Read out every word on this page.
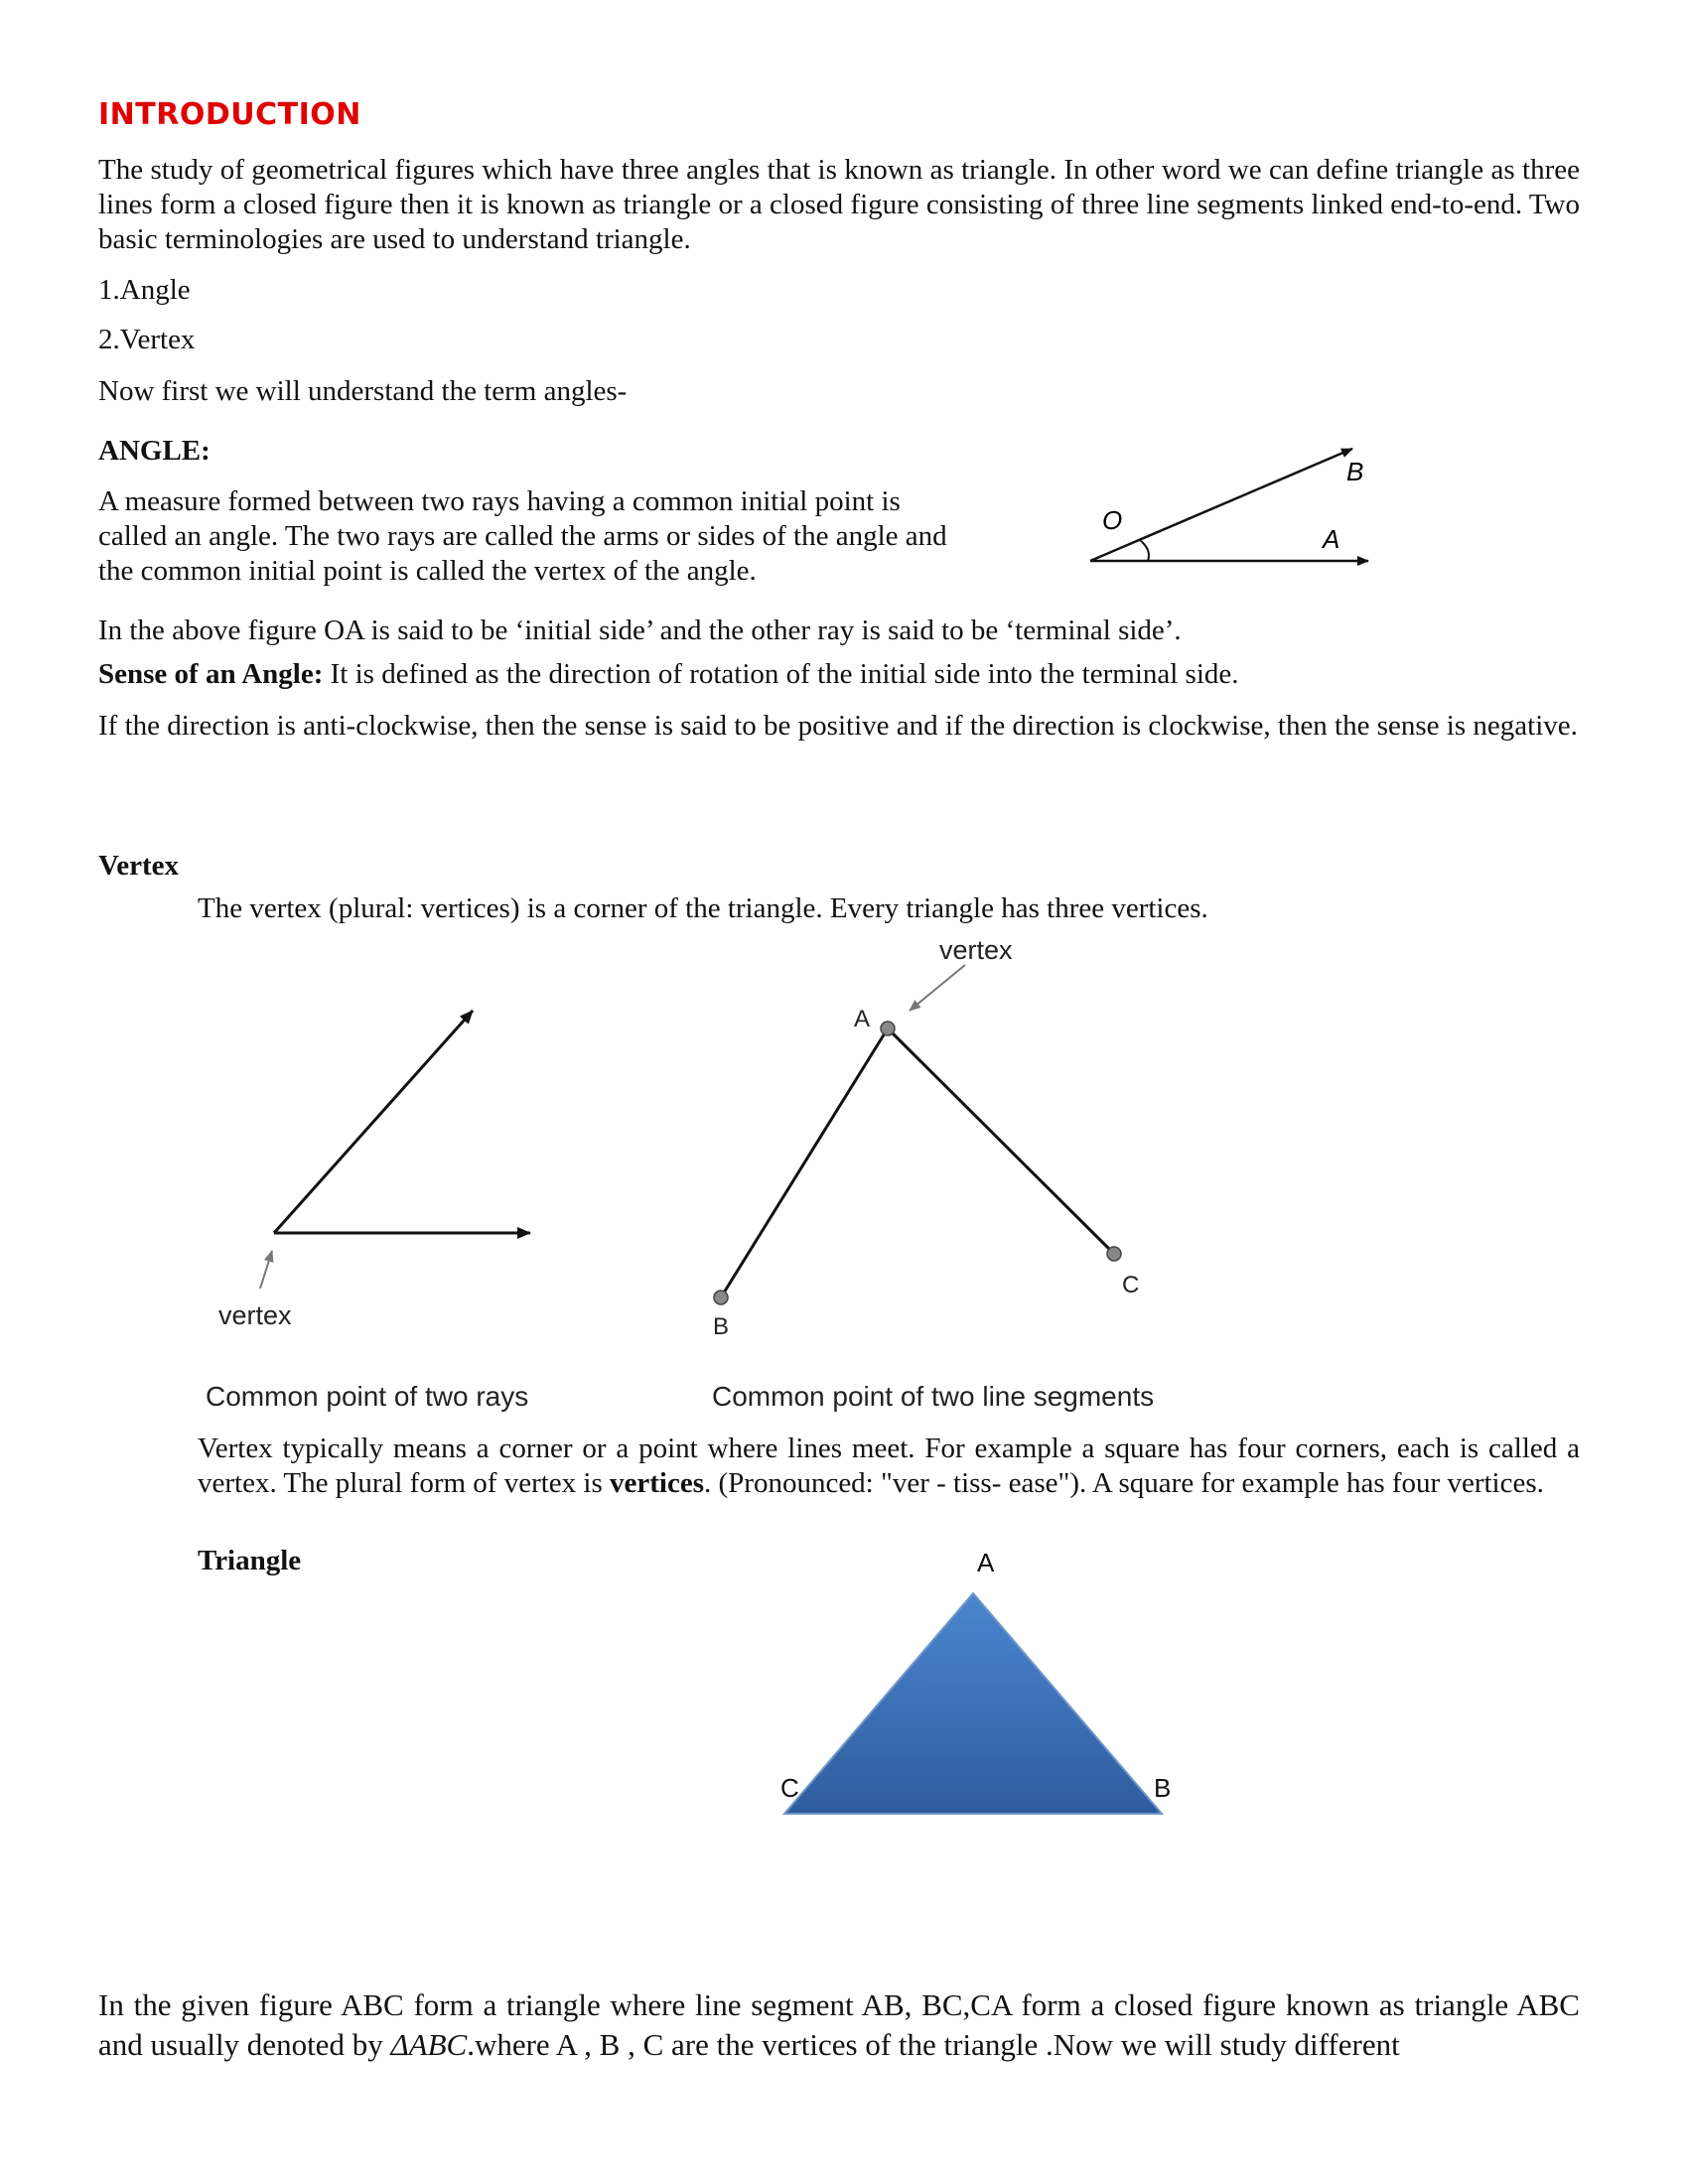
INTRODUCTION
The study of geometrical figures which have three angles that is known as triangle. In other word we can define triangle as three lines form a closed figure then it is known as triangle or a closed figure consisting of three line segments linked end-to-end. Two basic terminologies are used to understand triangle.
1.Angle
2.Vertex
Now first we will understand the term angles-
ANGLE:
A measure formed between two rays having a common initial point is called an angle. The two rays are called the arms or sides of the angle and the common initial point is called the vertex of the angle.
O
A
B
In the above figure OA is said to be ‘initial side’ and the other ray is said to be ‘terminal side’.
Sense of an Angle: It is defined as the direction of rotation of the initial side into the terminal side.
If the direction is anti-clockwise, then the sense is said to be positive and if the direction is clockwise, then the sense is negative.
Vertex
The vertex (plural: vertices) is a corner of the triangle. Every triangle has three vertices.
vertex
Common point of two rays
vertex
A
B
C
Common point of two line segments
Vertex typically means a corner or a point where lines meet. For example a square has four corners, each is called a vertex. The plural form of vertex is vertices. (Pronounced: "ver - tiss- ease"). A square for example has four vertices.
Triangle	A
B
C
In the given figure ABC form a triangle where line segment AB, BC,CA form a closed figure known as triangle ABC and usually denoted by ΔABC.where A , B , C are the vertices of the triangle .Now we will study different
